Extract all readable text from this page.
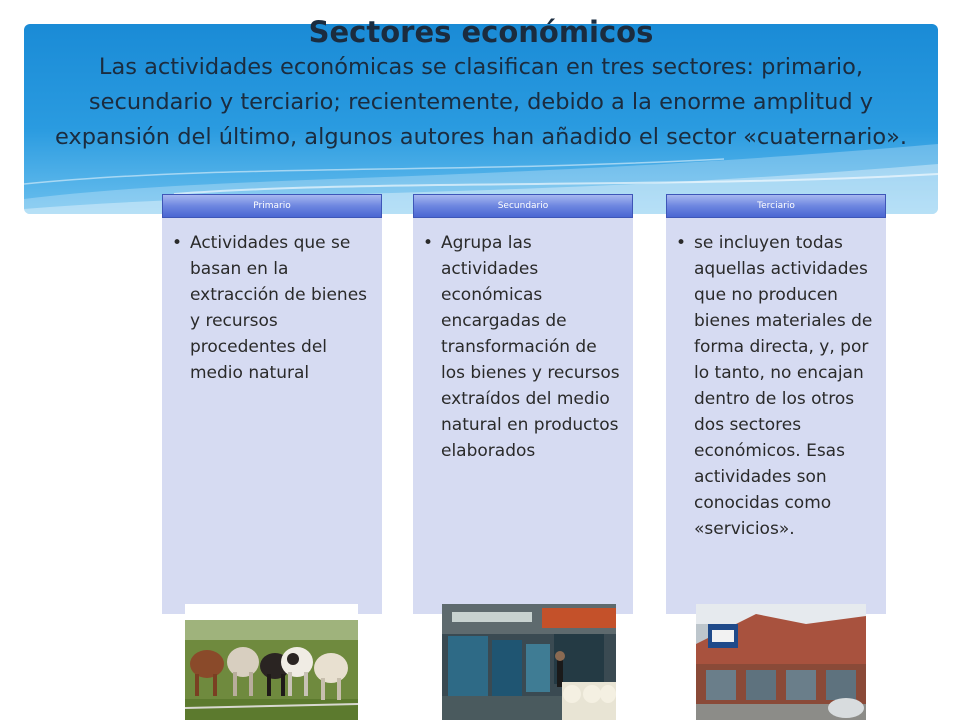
Sectores económicos

Las actividades económicas se clasifican en tres sectores: primario, secundario y terciario; recientemente, debido a la enorme amplitud y expansión del último, algunos autores han añadido el sector «cuaternario».

Primario
• Actividades que se basan en la extracción de bienes y recursos procedentes del medio natural
Secundario
• Agrupa las actividades económicas encargadas de transformación de los bienes y recursos extraídos del medio natural en productos elaborados
Terciario
• se incluyen todas aquellas actividades que no producen bienes materiales de forma directa, y, por lo tanto, no encajan dentro de los otros dos sectores económicos. Esas actividades son conocidas como «servicios».
